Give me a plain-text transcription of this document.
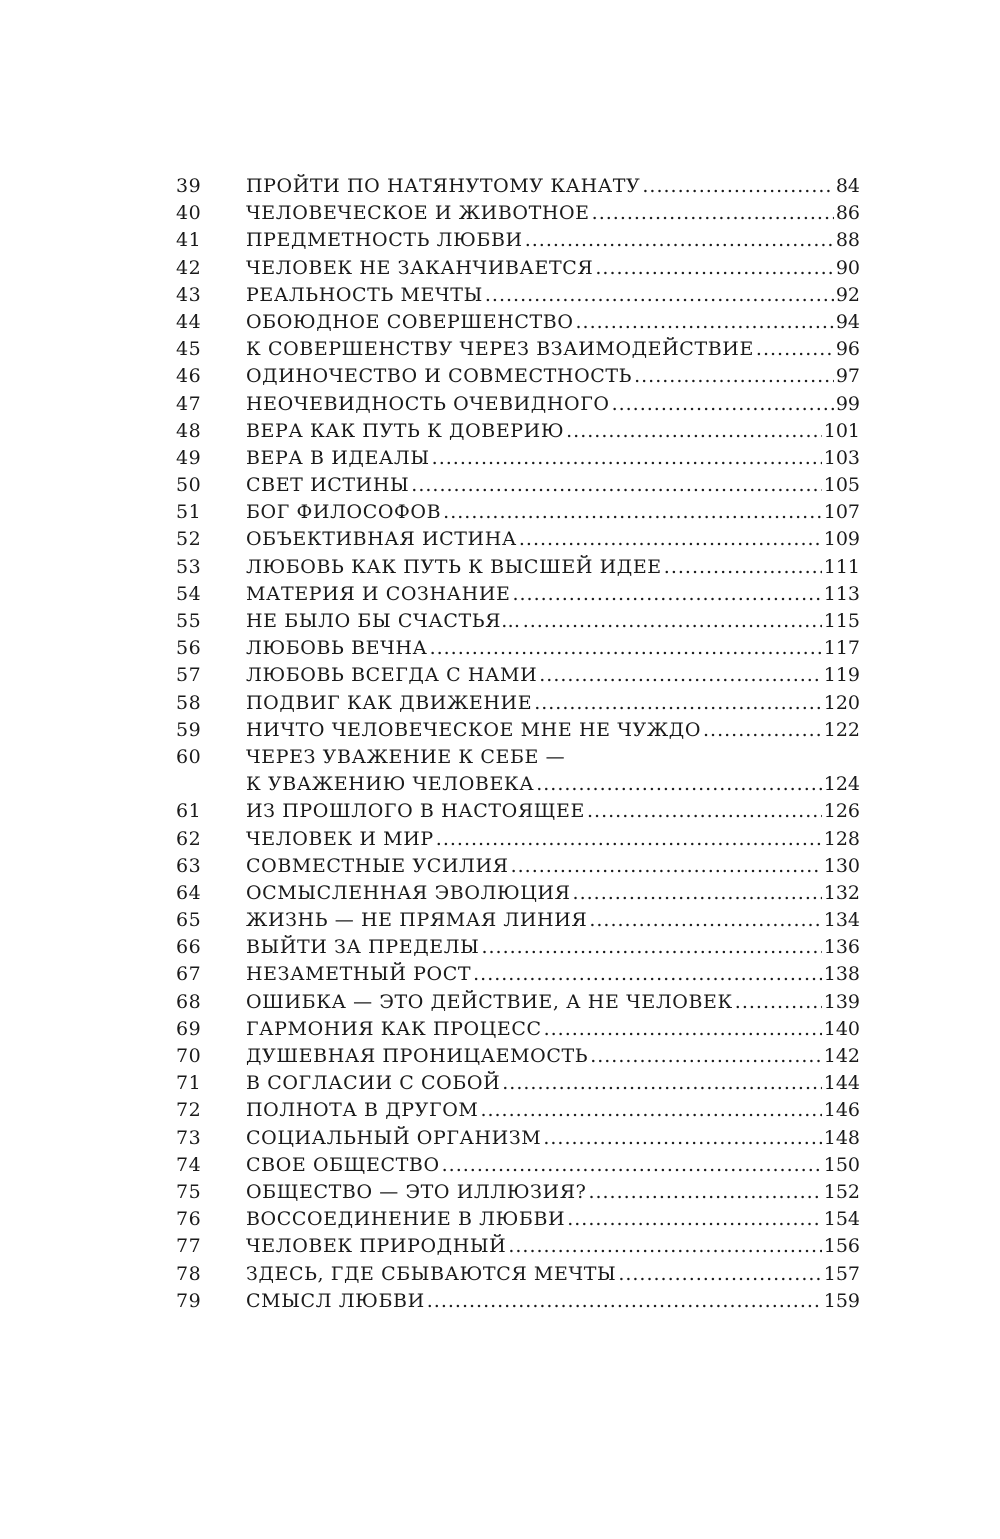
39	ПРОЙТИ ПО НАТЯНУТОМУ КАНАТУ .....	84
40	ЧЕЛОВЕЧЕСКОЕ И ЖИВОТНОЕ .....	86
41	ПРЕДМЕТНОСТЬ ЛЮБВИ .....	88
42	ЧЕЛОВЕК НЕ ЗАКАНЧИВАЕТСЯ .....	90
43	РЕАЛЬНОСТЬ МЕЧТЫ .....	92
44	ОБОЮДНОЕ СОВЕРШЕНСТВО .....	94
45	К СОВЕРШЕНСТВУ ЧЕРЕЗ ВЗАИМОДЕЙСТВИЕ .....	96
46	ОДИНОЧЕСТВО И СОВМЕСТНОСТЬ .....	97
47	НЕОЧЕВИДНОСТЬ ОЧЕВИДНОГО .....	99
48	ВЕРА КАК ПУТЬ К ДОВЕРИЮ .....	101
49	ВЕРА В ИДЕАЛЫ .....	103
50	СВЕТ ИСТИНЫ .....	105
51	БОГ ФИЛОСОФОВ .....	107
52	ОБЪЕКТИВНАЯ ИСТИНА .....	109
53	ЛЮБОВЬ КАК ПУТЬ К ВЫСШЕЙ ИДЕЕ .....	111
54	МАТЕРИЯ И СОЗНАНИЕ .....	113
55	НЕ БЫЛО БЫ СЧАСТЬЯ… .....	115
56	ЛЮБОВЬ ВЕЧНА .....	117
57	ЛЮБОВЬ ВСЕГДА С НАМИ .....	119
58	ПОДВИГ КАК ДВИЖЕНИЕ .....	120
59	НИЧТО ЧЕЛОВЕЧЕСКОЕ МНЕ НЕ ЧУЖДО .....	122
60	ЧЕРЕЗ УВАЖЕНИЕ К СЕБЕ —
К УВАЖЕНИЮ ЧЕЛОВЕКА .....	124
61	ИЗ ПРОШЛОГО В НАСТОЯЩЕЕ .....	126
62	ЧЕЛОВЕК И МИР .....	128
63	СОВМЕСТНЫЕ УСИЛИЯ .....	130
64	ОСМЫСЛЕННАЯ ЭВОЛЮЦИЯ .....	132
65	ЖИЗНЬ — НЕ ПРЯМАЯ ЛИНИЯ .....	134
66	ВЫЙТИ ЗА ПРЕДЕЛЫ .....	136
67	НЕЗАМЕТНЫЙ РОСТ .....	138
68	ОШИБКА — ЭТО ДЕЙСТВИЕ, А НЕ ЧЕЛОВЕК .....	139
69	ГАРМОНИЯ КАК ПРОЦЕСС .....	140
70	ДУШЕВНАЯ ПРОНИЦАЕМОСТЬ .....	142
71	В СОГЛАСИИ С СОБОЙ .....	144
72	ПОЛНОТА В ДРУГОМ .....	146
73	СОЦИАЛЬНЫЙ ОРГАНИЗМ .....	148
74	СВОЕ ОБЩЕСТВО .....	150
75	ОБЩЕСТВО — ЭТО ИЛЛЮЗИЯ? .....	152
76	ВОССОЕДИНЕНИЕ В ЛЮБВИ .....	154
77	ЧЕЛОВЕК ПРИРОДНЫЙ .....	156
78	ЗДЕСЬ, ГДЕ СБЫВАЮТСЯ МЕЧТЫ .....	157
79	СМЫСЛ ЛЮБВИ .....	159
